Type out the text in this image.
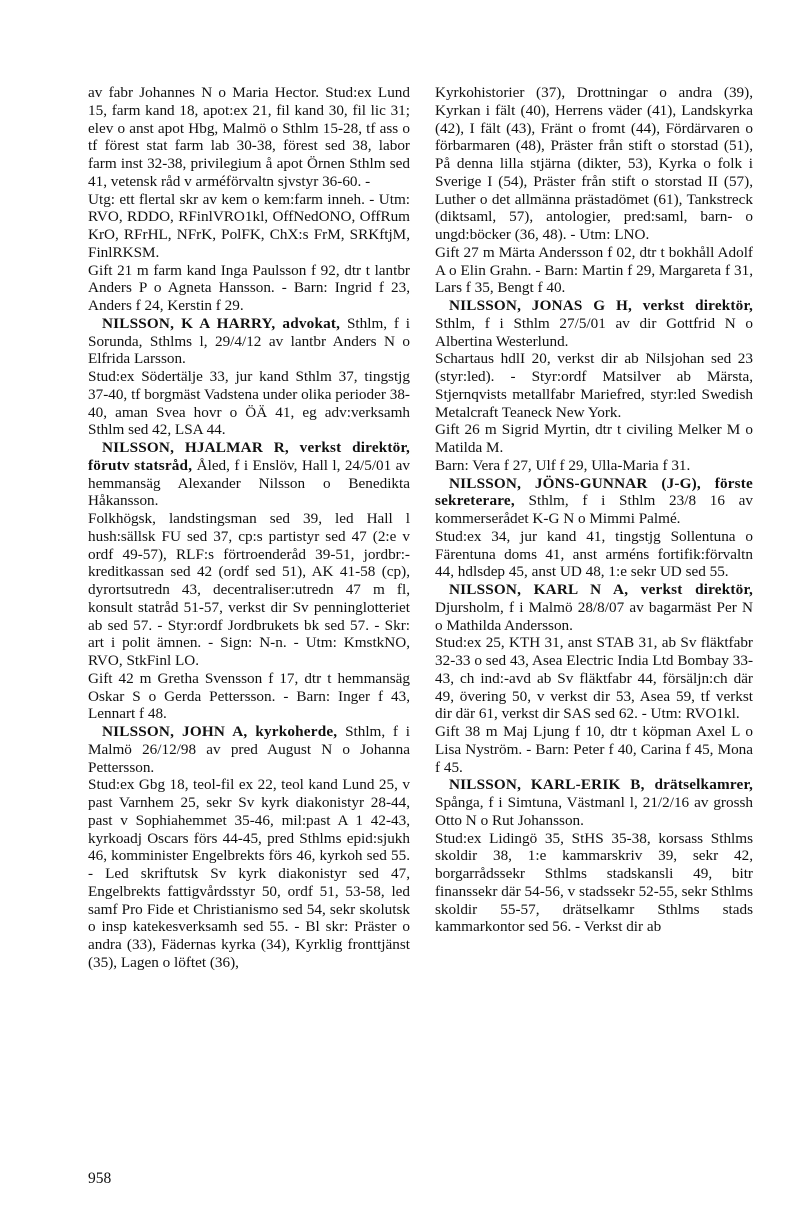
av fabr Johannes N o Maria Hector. Stud:ex Lund 15, farm kand 18, apot:ex 21, fil kand 30, fil lic 31; elev o anst apot Hbg, Malmö o Sthlm 15-28, tf ass o tf förest stat farm lab 30-38, förest sed 38, labor farm inst 32-38, privilegium å apot Örnen Sthlm sed 41, vetensk råd v arméförvaltn sjvstyr 36-60. -

Utg: ett flertal skr av kem o kem:farm inneh. - Utm: RVO, RDDO, RFinlVRO1kl, OffNedONO, OffRum KrO, RFrHL, NFrK, PolFK, ChX:s FrM, SRKftjM, FinlRKSM.

Gift 21 m farm kand Inga Paulsson f 92, dtr t lantbr Anders P o Agneta Hansson. - Barn: Ingrid f 23, Anders f 24, Kerstin f 29.

NILSSON, K A HARRY, advokat, Sthlm, f i Sorunda, Sthlms l, 29/4/12 av lantbr Anders N o Elfrida Larsson.

Stud:ex Södertälje 33, jur kand Sthlm 37, tingstjg 37-40, tf borgmäst Vadstena under olika perioder 38-40, aman Svea hovr o ÖÄ 41, eg adv:verksamh Sthlm sed 42, LSA 44.

NILSSON, HJALMAR R, verkst direktör, förutv statsråd, Åled, f i Enslöv, Hall l, 24/5/01 av hemmansäg Alexander Nilsson o Benedikta Håkansson.

Folkhögsk, landstingsman sed 39, led Hall l hush:sällsk FU sed 37, cp:s partistyr sed 47 (2:e v ordf 49-57), RLF:s förtroenderåd 39-51, jordbr:-kreditkassan sed 42 (ordf sed 51), AK 41-58 (cp), dyrortsutredn 43, decentraliser:utredn 47 m fl, konsult statråd 51-57, verkst dir Sv penninglotteriet ab sed 57. - Styr:ordf Jordbrukets bk sed 57. - Skr: art i polit ämnen. - Sign: N-n. - Utm: KmstkNO, RVO, StkFinl LO.

Gift 42 m Gretha Svensson f 17, dtr t hemmansäg Oskar S o Gerda Pettersson. - Barn: Inger f 43, Lennart f 48.

NILSSON, JOHN A, kyrkoherde, Sthlm, f i Malmö 26/12/98 av pred August N o Johanna Pettersson.

Stud:ex Gbg 18, teol-fil ex 22, teol kand Lund 25, v past Varnhem 25, sekr Sv kyrk diakonistyr 28-44, past v Sophiahemmet 35-46, mil:past A 1 42-43, kyrkoadj Oscars förs 44-45, pred Sthlms epid:sjukh 46, komminister Engelbrekts förs 46, kyrkoh sed 55. - Led skriftutsk Sv kyrk diakonistyr sed 47, Engelbrekts fattigvårdsstyr 50, ordf 51, 53-58, led samf Pro Fide et Christianismo sed 54, sekr skolutsk o insp katekesverksamh sed 55. - Bl skr: Präster o andra (33), Fädernas kyrka (34), Kyrklig fronttjänst (35), Lagen o löftet (36),

Kyrkohistorier (37), Drottningar o andra (39), Kyrkan i fält (40), Herrens väder (41), Landskyrka (42), I fält (43), Fränt o fromt (44), Fördärvaren o förbarmaren (48), Präster från stift o storstad (51), På denna lilla stjärna (dikter, 53), Kyrka o folk i Sverige I (54), Präster från stift o storstad II (57), Luther o det allmänna prästadömet (61), Tankstreck (diktsaml, 57), antologier, pred:saml, barn- o ungd:böcker (36, 48). - Utm: LNO.

Gift 27 m Märta Andersson f 02, dtr t bokhåll Adolf A o Elin Grahn. - Barn: Martin f 29, Margareta f 31, Lars f 35, Bengt f 40.

NILSSON, JONAS G H, verkst direktör, Sthlm, f i Sthlm 27/5/01 av dir Gottfrid N o Albertina Westerlund.

Schartaus hdlI 20, verkst dir ab Nilsjohan sed 23 (styr:led). - Styr:ordf Matsilver ab Märsta, Stjernqvists metallfabr Mariefred, styr:led Swedish Metalcraft Teaneck New York.

Gift 26 m Sigrid Myrtin, dtr t civiling Melker M o Matilda M.

Barn: Vera f 27, Ulf f 29, Ulla-Maria f 31.

NILSSON, JÖNS-GUNNAR (J-G), förste sekreterare, Sthlm, f i Sthlm 23/8 16 av kommerserådet K-G N o Mimmi Palmé.

Stud:ex 34, jur kand 41, tingstjg Sollentuna o Färentuna doms 41, anst arméns fortifik:förvaltn 44, hdlsdep 45, anst UD 48, 1:e sekr UD sed 55.

NILSSON, KARL N A, verkst direktör, Djursholm, f i Malmö 28/8/07 av bagarmäst Per N o Mathilda Andersson.

Stud:ex 25, KTH 31, anst STAB 31, ab Sv fläktfabr 32-33 o sed 43, Asea Electric India Ltd Bombay 33-43, ch ind:-avd ab Sv fläktfabr 44, försäljn:ch där 49, övering 50, v verkst dir 53, Asea 59, tf verkst dir där 61, verkst dir SAS sed 62. - Utm: RVO1kl.

Gift 38 m Maj Ljung f 10, dtr t köpman Axel L o Lisa Nyström. - Barn: Peter f 40, Carina f 45, Mona f 45.

NILSSON, KARL-ERIK B, drätselkamrer, Spånga, f i Simtuna, Västmanl l, 21/2/16 av grossh Otto N o Rut Johansson.

Stud:ex Lidingö 35, StHS 35-38, korsass Sthlms skoldir 38, 1:e kammarskriv 39, sekr 42, borgarrådssekr Sthlms stadskansli 49, bitr finanssekr där 54-56, v stadssekr 52-55, sekr Sthlms skoldir 55-57, drätselkamr Sthlms stads kammarkontor sed 56. - Verkst dir ab

958
